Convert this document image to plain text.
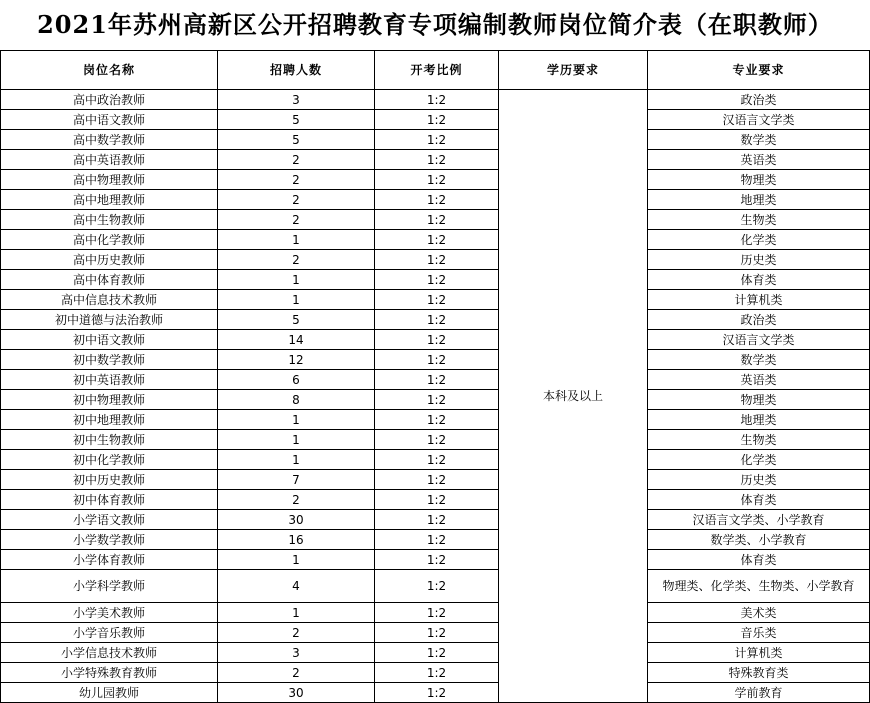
2021年苏州高新区公开招聘教育专项编制教师岗位简介表（在职教师）
岗位名称	招聘人数	开考比例	学历要求	专业要求
高中政治教师	3	1:2	本科及以上	政治类
高中语文教师	5	1:2		汉语言文学类
高中数学教师	5	1:2		数学类
高中英语教师	2	1:2		英语类
高中物理教师	2	1:2		物理类
高中地理教师	2	1:2		地理类
高中生物教师	2	1:2		生物类
高中化学教师	1	1:2		化学类
高中历史教师	2	1:2		历史类
高中体育教师	1	1:2		体育类
高中信息技术教师	1	1:2		计算机类
初中道德与法治教师	5	1:2		政治类
初中语文教师	14	1:2		汉语言文学类
初中数学教师	12	1:2		数学类
初中英语教师	6	1:2		英语类
初中物理教师	8	1:2		物理类
初中地理教师	1	1:2		地理类
初中生物教师	1	1:2		生物类
初中化学教师	1	1:2		化学类
初中历史教师	7	1:2		历史类
初中体育教师	2	1:2		体育类
小学语文教师	30	1:2		汉语言文学类、小学教育
小学数学教师	16	1:2		数学类、小学教育
小学体育教师	1	1:2		体育类
小学科学教师	4	1:2		物理类、化学类、生物类、小学教育
小学美术教师	1	1:2		美术类
小学音乐教师	2	1:2		音乐类
小学信息技术教师	3	1:2		计算机类
小学特殊教育教师	2	1:2		特殊教育类
幼儿园教师	30	1:2		学前教育
